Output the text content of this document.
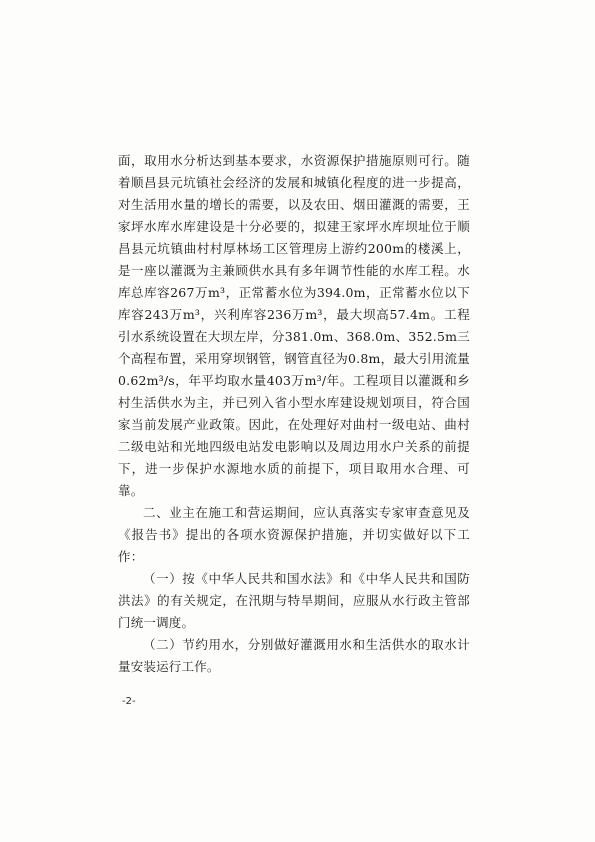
面，取用水分析达到基本要求，水资源保护措施原则可行。随着顺昌县元坑镇社会经济的发展和城镇化程度的进一步提高，对生活用水量的增长的需要，以及农田、烟田灌溉的需要，王家坪水库水库建设是十分必要的，拟建王家坪水库坝址位于顺昌县元坑镇曲村村厚林场工区管理房上游约200m的楼溪上，是一座以灌溉为主兼顾供水具有多年调节性能的水库工程。水库总库容267万m³，正常蓄水位为394.0m，正常蓄水位以下库容243万m³，兴利库容236万m³，最大坝高57.4m。工程引水系统设置在大坝左岸，分381.0m、368.0m、352.5m三个高程布置，采用穿坝钢管，钢管直径为0.8m，最大引用流量0.62m³/s，年平均取水量403万m³/年。工程项目以灌溉和乡村生活供水为主，并已列入省小型水库建设规划项目，符合国家当前发展产业政策。因此，在处理好对曲村一级电站、曲村二级电站和光地四级电站发电影响以及周边用水户关系的前提下，进一步保护水源地水质的前提下，项目取用水合理、可靠。

二、业主在施工和营运期间，应认真落实专家审查意见及《报告书》提出的各项水资源保护措施，并切实做好以下工作：

（一）按《中华人民共和国水法》和《中华人民共和国防洪法》的有关规定，在汛期与特旱期间，应服从水行政主管部门统一调度。

（二）节约用水，分别做好灌溉用水和生活供水的取水计量安装运行工作。

-2-
